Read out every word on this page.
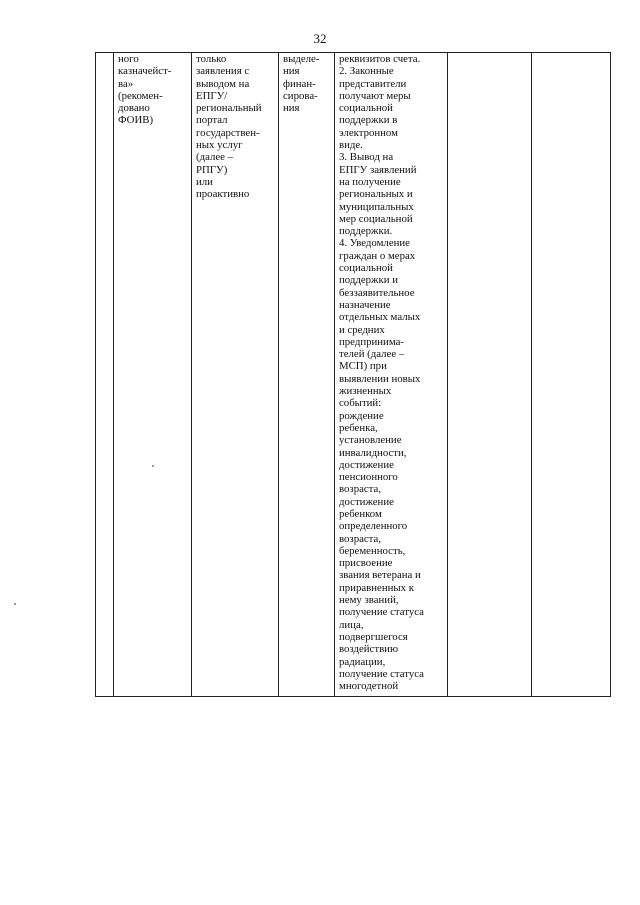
32

ного
казначейст-
ва»
(рекомен-
довано
ФОИВ)

только
заявления с
выводом на
ЕПГУ/
региональный
портал
государствен-
ных услуг
(далее –
РПГУ)
или
проактивно

выделе-
ния
финан-
сирова-
ния

реквизитов счета.
2. Законные
представители
получают меры
социальной
поддержки в
электронном
виде.
3. Вывод на
ЕПГУ заявлений
на получение
региональных и
муниципальных
мер социальной
поддержки.
4. Уведомление
граждан о мерах
социальной
поддержки и
беззаявительное
назначение
отдельных малых
и средних
предпринима-
телей (далее –
МСП) при
выявлении новых
жизненных
событий:
рождение
ребенка,
установление
инвалидности,
достижение
пенсионного
возраста,
достижение
ребенком
определенного
возраста,
беременность,
присвоение
звания ветерана и
приравненных к
нему званий,
получение статуса
лица,
подвергшегося
воздействию
радиации,
получение статуса
многодетной
